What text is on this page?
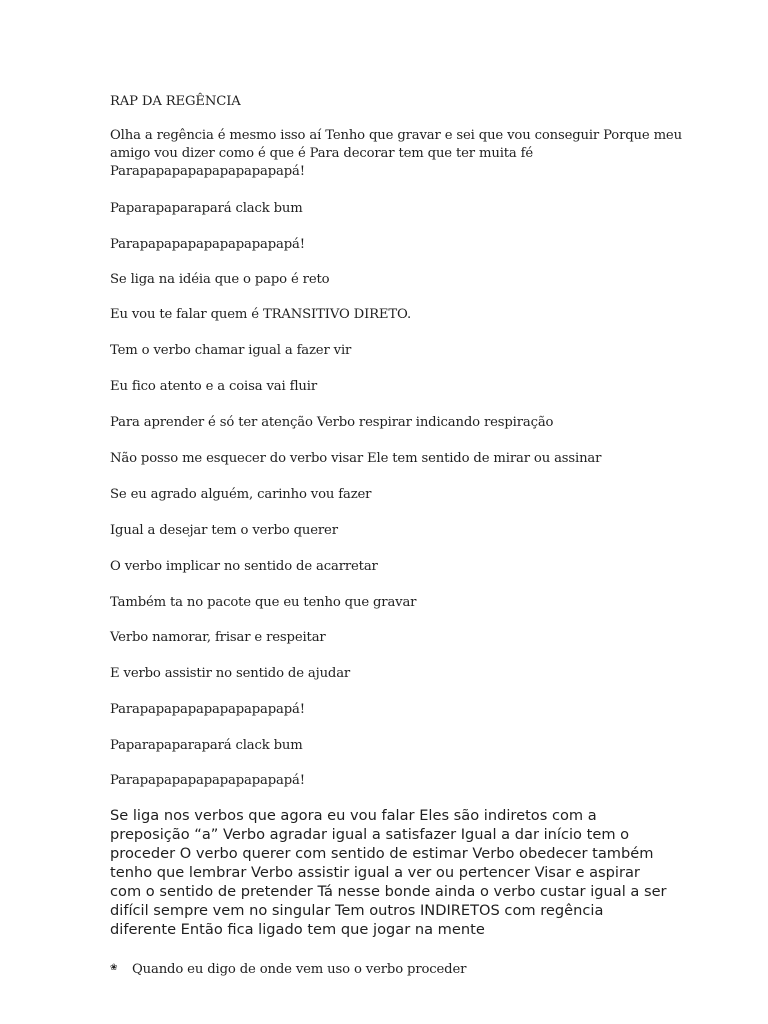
RAP DA REGÊNCIA

Olha a regência é mesmo isso aí Tenho que gravar e sei que vou conseguir Porque meu
amigo vou dizer como é que é Para decorar tem que ter muita fé
Parapapapapapapapapapapá!

Paparapaparapará clack bum

Parapapapapapapapapapapá!

Se liga na idéia que o papo é reto

Eu vou te falar quem é TRANSITIVO DIRETO.

Tem o verbo chamar igual a fazer vir

Eu fico atento e a coisa vai fluir

Para aprender é só ter atenção Verbo respirar indicando respiração

Não posso me esquecer do verbo visar Ele tem sentido de mirar ou assinar

Se eu agrado alguém, carinho vou fazer

Igual a desejar tem o verbo querer

O verbo implicar no sentido de acarretar

Também ta no pacote que eu tenho que gravar

Verbo namorar, frisar e respeitar

E verbo assistir no sentido de ajudar

Parapapapapapapapapapapá!

Paparapaparapará clack bum

Parapapapapapapapapapapá!

Se liga nos verbos que agora eu vou falar Eles são indiretos com a
preposição “a” Verbo agradar igual a satisfazer Igual a dar início tem o
proceder O verbo querer com sentido de estimar Verbo obedecer também
tenho que lembrar Verbo assistir igual a ver ou pertencer Visar e aspirar
com o sentido de pretender Tá nesse bonde ainda o verbo custar igual a ser
difícil sempre vem no singular Tem outros INDIRETOS com regência
diferente Então fica ligado tem que jogar na mente
❀ Quando eu digo de onde vem uso o verbo proceder
